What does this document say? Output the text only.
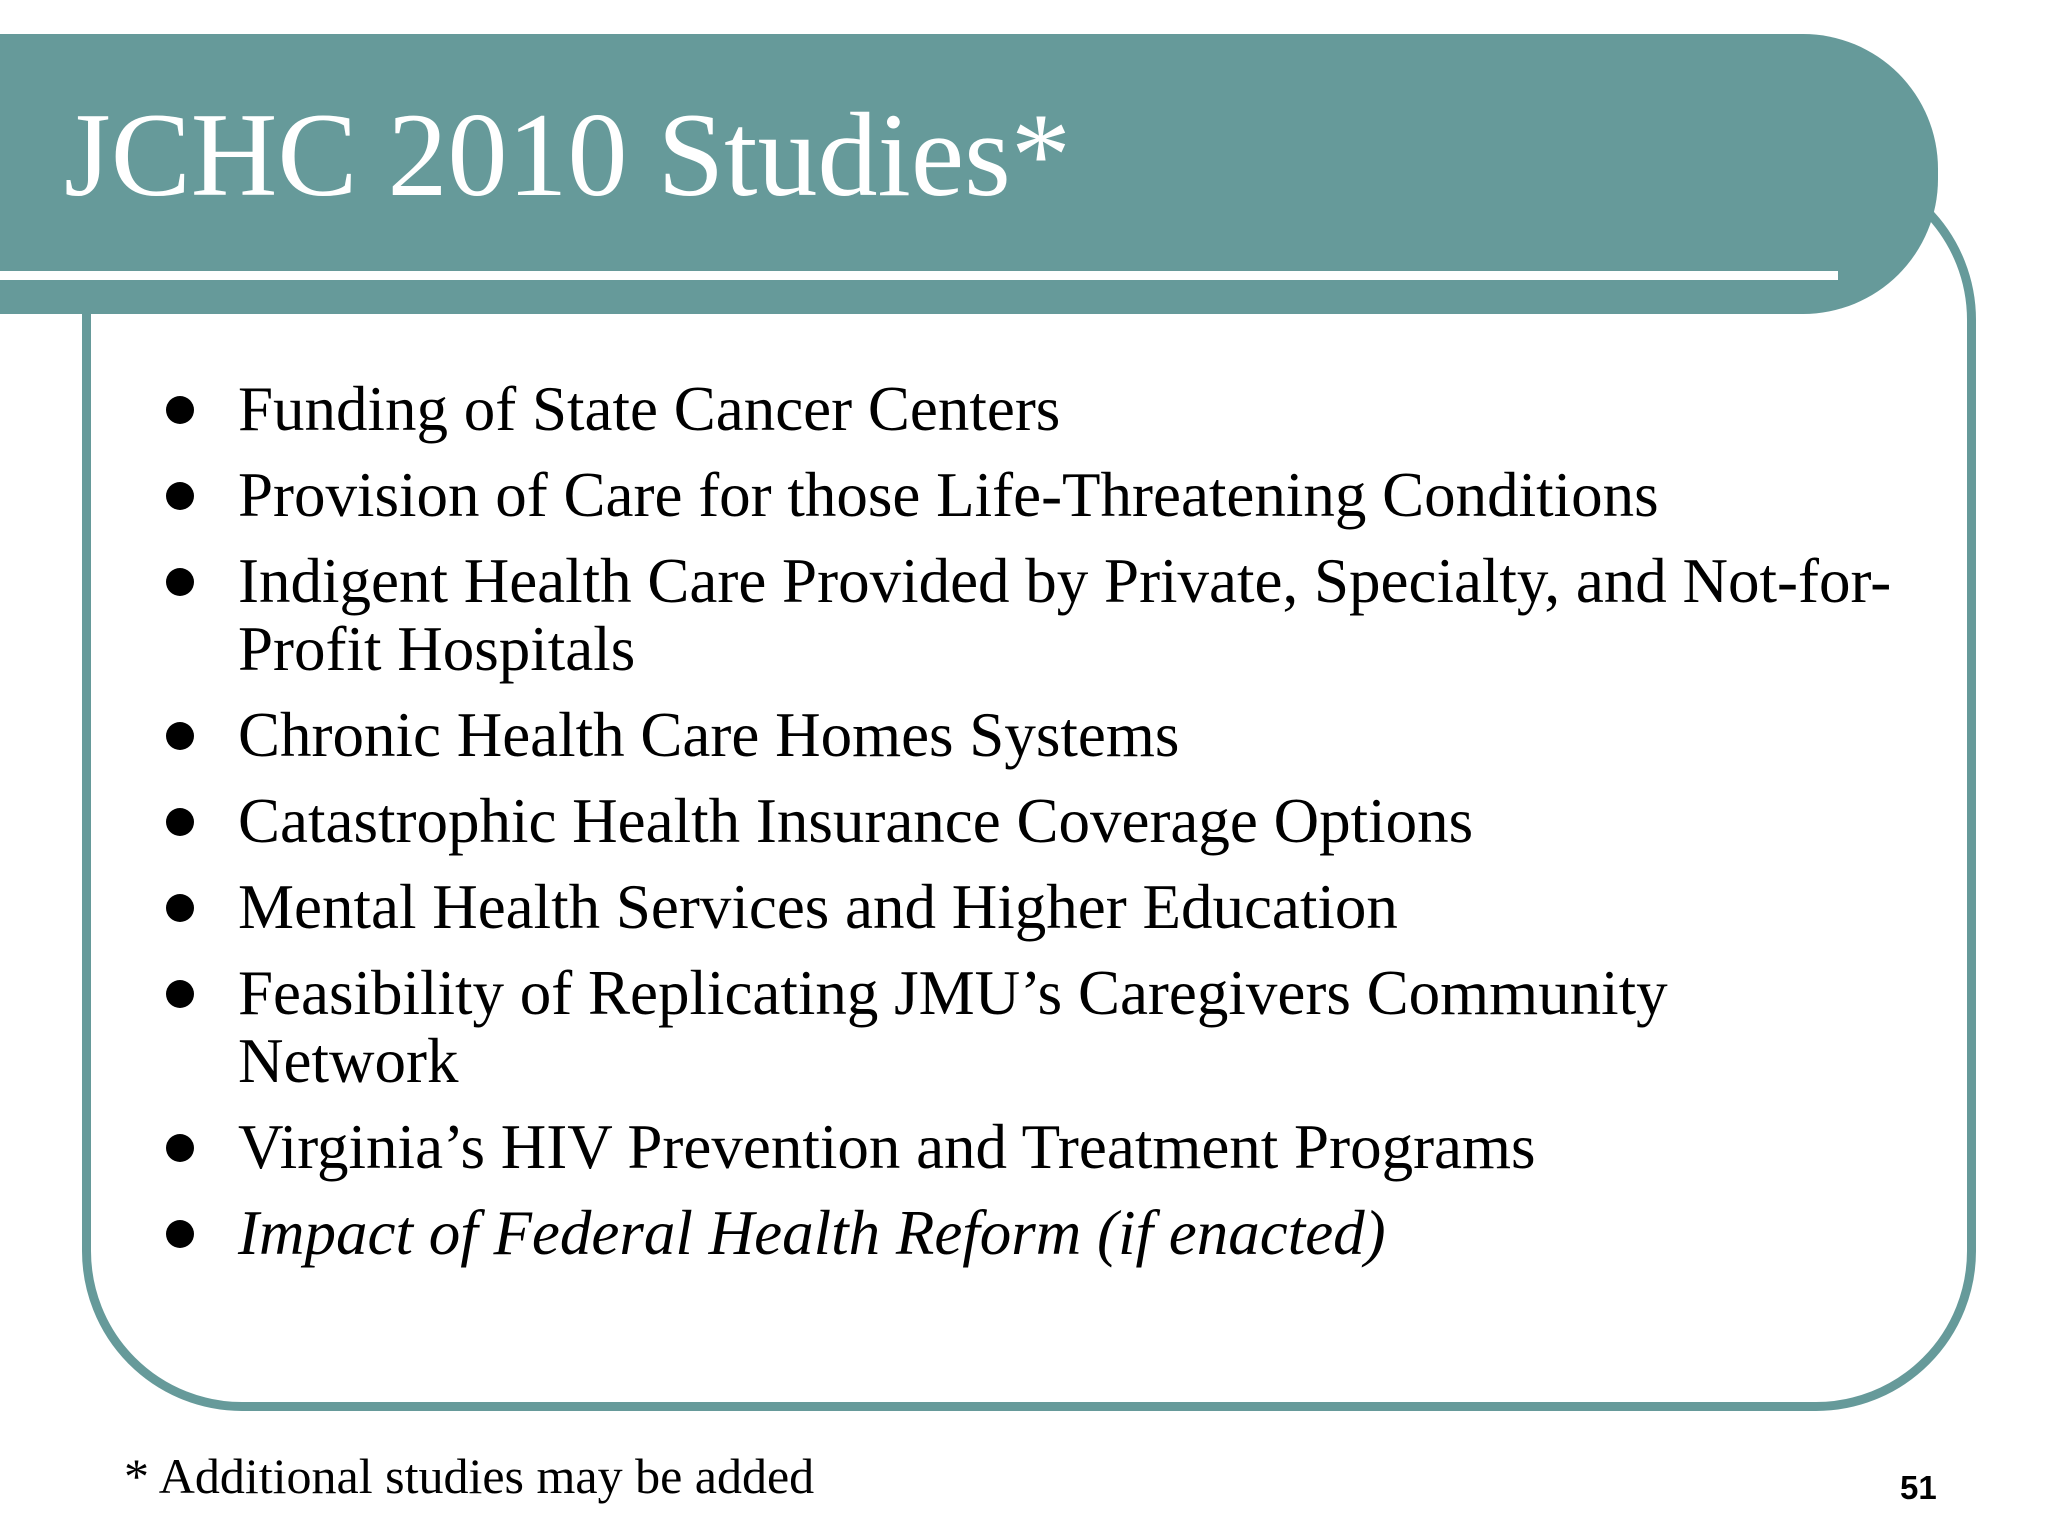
JCHC 2010 Studies*
Funding of State Cancer Centers
Provision of Care for those Life-Threatening Conditions
Indigent Health Care Provided by Private, Specialty, and Not-for-Profit Hospitals
Chronic Health Care Homes Systems
Catastrophic Health Insurance Coverage Options
Mental Health Services and Higher Education
Feasibility of Replicating JMU’s Caregivers Community Network
Virginia’s HIV Prevention and Treatment Programs
Impact of Federal Health Reform (if enacted)
* Additional studies may be added	51
